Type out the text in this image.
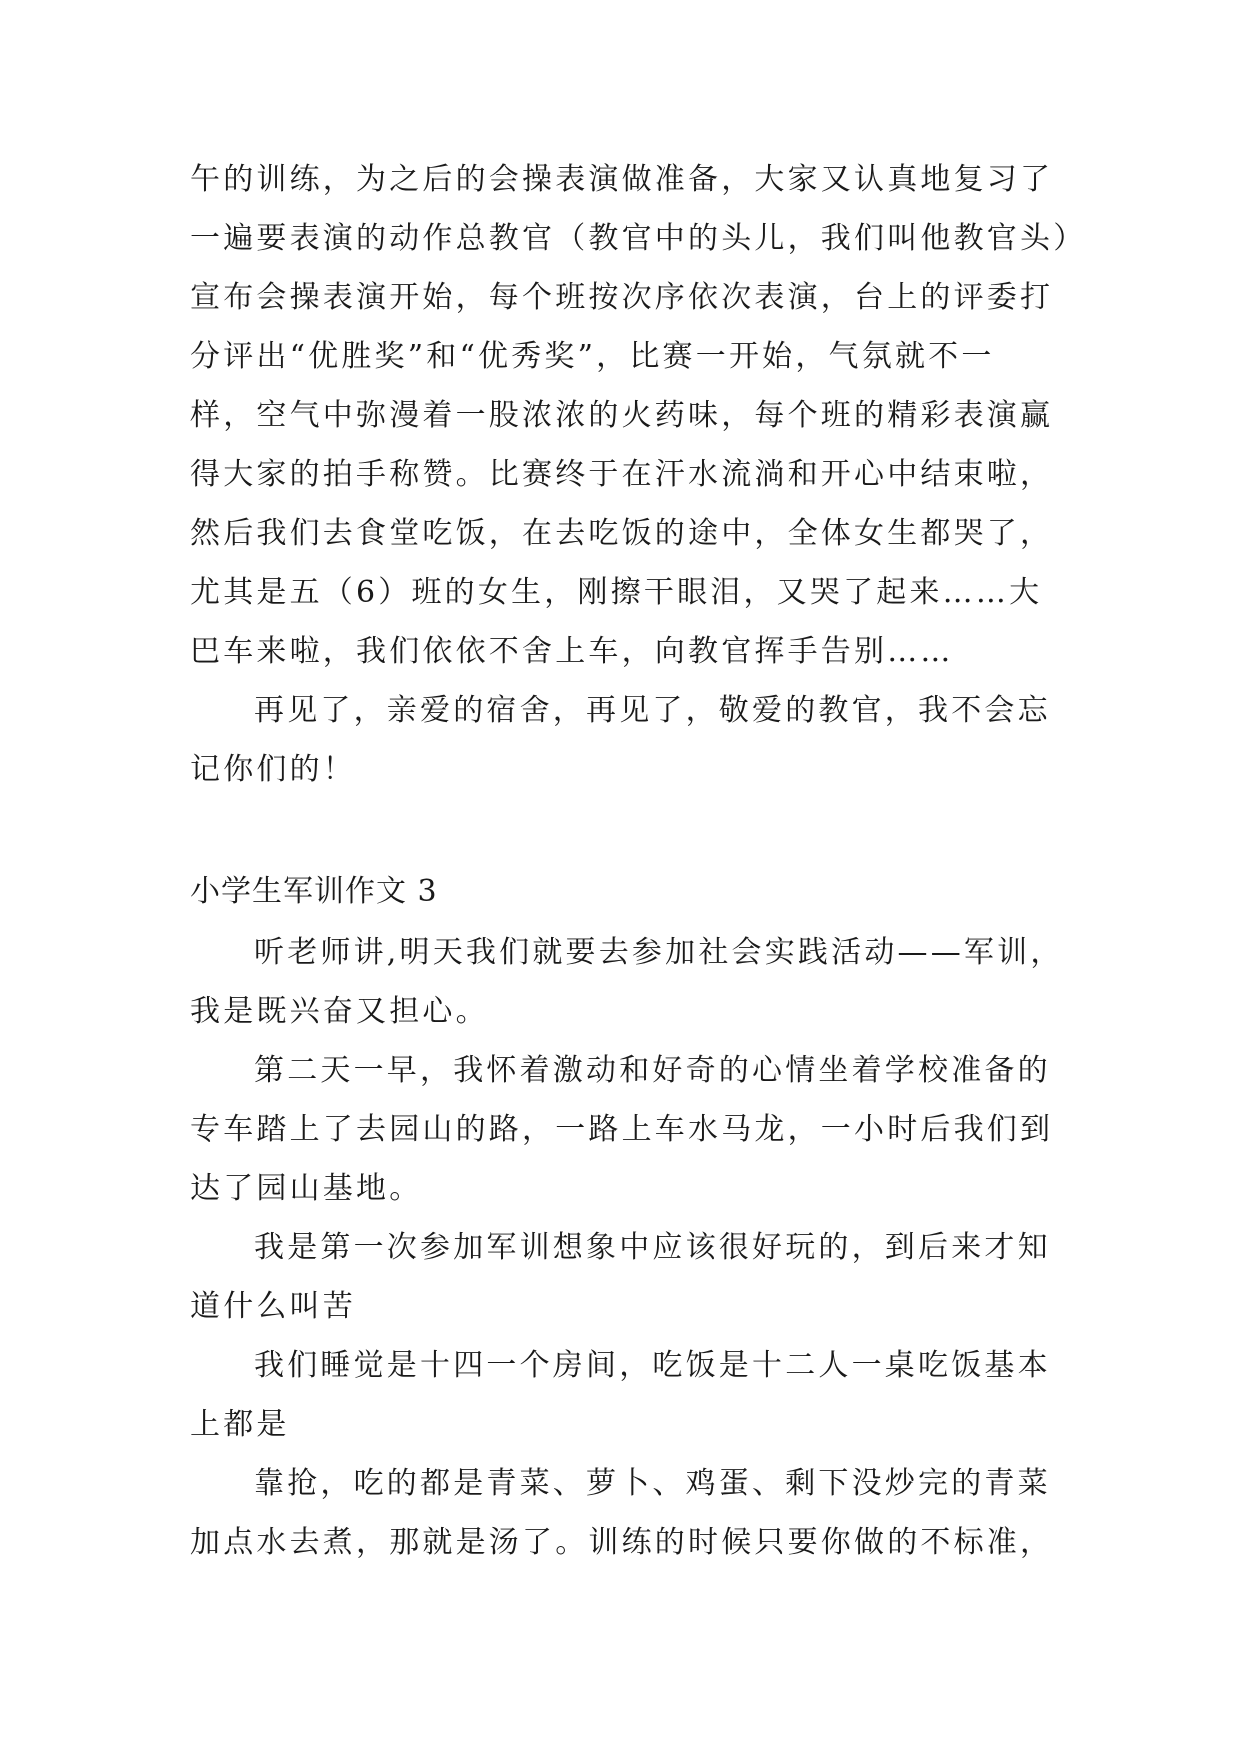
午的训练，为之后的会操表演做准备，大家又认真地复习了
一遍要表演的动作总教官（教官中的头儿，我们叫他教官头）
宣布会操表演开始，每个班按次序依次表演，台上的评委打
分评出“优胜奖”和“优秀奖”，比赛一开始，气氛就不一
样，空气中弥漫着一股浓浓的火药味，每个班的精彩表演赢
得大家的拍手称赞。比赛终于在汗水流淌和开心中结束啦，
然后我们去食堂吃饭，在去吃饭的途中，全体女生都哭了，
尤其是五（6）班的女生，刚擦干眼泪，又哭了起来……大
巴车来啦，我们依依不舍上车，向教官挥手告别……
再见了，亲爱的宿舍，再见了，敬爱的教官，我不会忘
记你们的！
小学生军训作文 3
听老师讲,明天我们就要去参加社会实践活动——军训，
我是既兴奋又担心。
第二天一早，我怀着激动和好奇的心情坐着学校准备的
专车踏上了去园山的路，一路上车水马龙，一小时后我们到
达了园山基地。
我是第一次参加军训想象中应该很好玩的，到后来才知
道什么叫苦
我们睡觉是十四一个房间，吃饭是十二人一桌吃饭基本
上都是
靠抢，吃的都是青菜、萝卜、鸡蛋、剩下没炒完的青菜
加点水去煮，那就是汤了。训练的时候只要你做的不标准，
